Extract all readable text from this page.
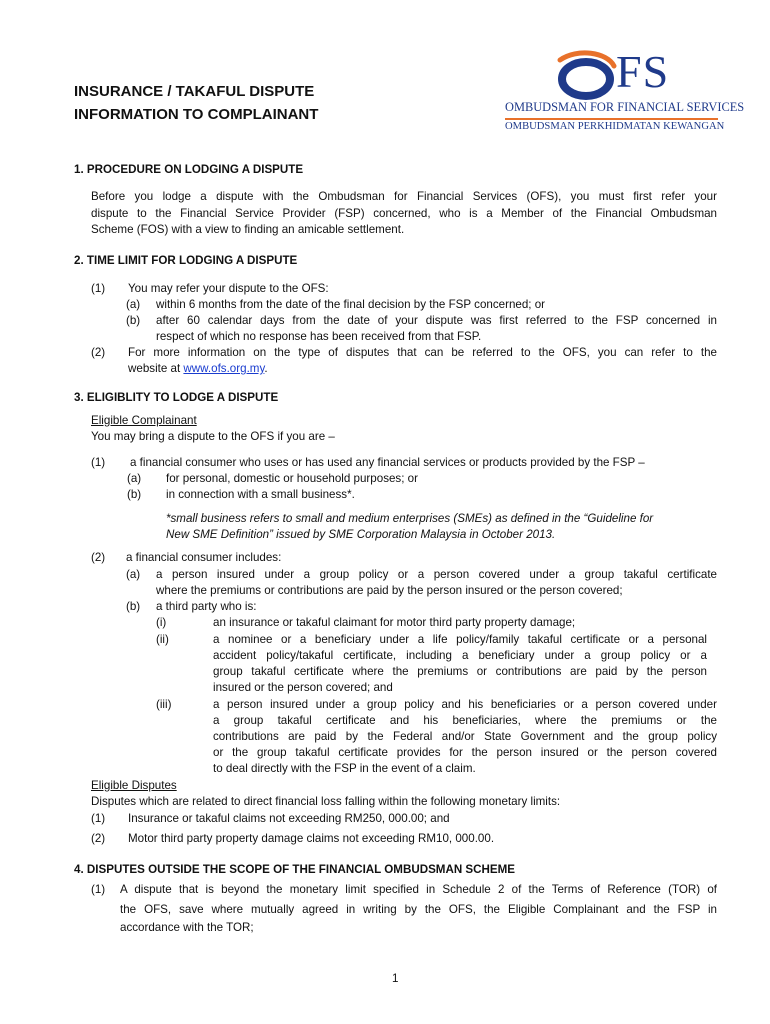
FS
OMBUDSMAN FOR FINANCIAL SERVICES
OMBUDSMAN PERKHIDMATAN KEWANGAN
INSURANCE / TAKAFUL DISPUTE
INFORMATION TO COMPLAINANT
1. PROCEDURE ON LODGING A DISPUTE
Before you lodge a dispute with the Ombudsman for Financial Services (OFS), you must first refer your
dispute to the Financial Service Provider (FSP) concerned, who is a Member of the Financial Ombudsman
Scheme (FOS) with a view to finding an amicable settlement.
2. TIME LIMIT FOR LODGING A DISPUTE
(1) You may refer your dispute to the OFS:
(a) within 6 months from the date of the final decision by the FSP concerned; or
(b) after 60 calendar days from the date of your dispute was first referred to the FSP concerned in
respect of which no response has been received from that FSP.
(2) For more information on the type of disputes that can be referred to the OFS, you can refer to the
website at www.ofs.org.my.
3. ELIGIBLITY TO LODGE A DISPUTE
Eligible Complainant
You may bring a dispute to the OFS if you are –
(1) a financial consumer who uses or has used any financial services or products provided by the FSP –
(a) for personal, domestic or household purposes; or
(b) in connection with a small business*.
*small business refers to small and medium enterprises (SMEs) as defined in the “Guideline for
New SME Definition” issued by SME Corporation Malaysia in October 2013.
(2) a financial consumer includes:
(a) a person insured under a group policy or a person covered under a group takaful certificate
where the premiums or contributions are paid by the person insured or the person covered;
(b) a third party who is:
(i)	an insurance or takaful claimant for motor third party property damage;
(ii)	a nominee or a beneficiary under a life policy/family takaful certificate or a personal
accident policy/takaful certificate, including a beneficiary under a group policy or a
group takaful certificate where the premiums or contributions are paid by the person
insured or the person covered; and
(iii)	a person insured under a group policy and his beneficiaries or a person covered under
a group takaful certificate and his beneficiaries, where the premiums or the
contributions are paid by the Federal and/or State Government and the group policy
or the group takaful certificate provides for the person insured or the person covered
to deal directly with the FSP in the event of a claim.
Eligible Disputes
Disputes which are related to direct financial loss falling within the following monetary limits:
(1) Insurance or takaful claims not exceeding RM250, 000.00; and
(2) Motor third party property damage claims not exceeding RM10, 000.00.
4. DISPUTES OUTSIDE THE SCOPE OF THE FINANCIAL OMBUDSMAN SCHEME
(1) A dispute that is beyond the monetary limit specified in Schedule 2 of the Terms of Reference (TOR) of
the OFS, save where mutually agreed in writing by the OFS, the Eligible Complainant and the FSP in
accordance with the TOR;
1
